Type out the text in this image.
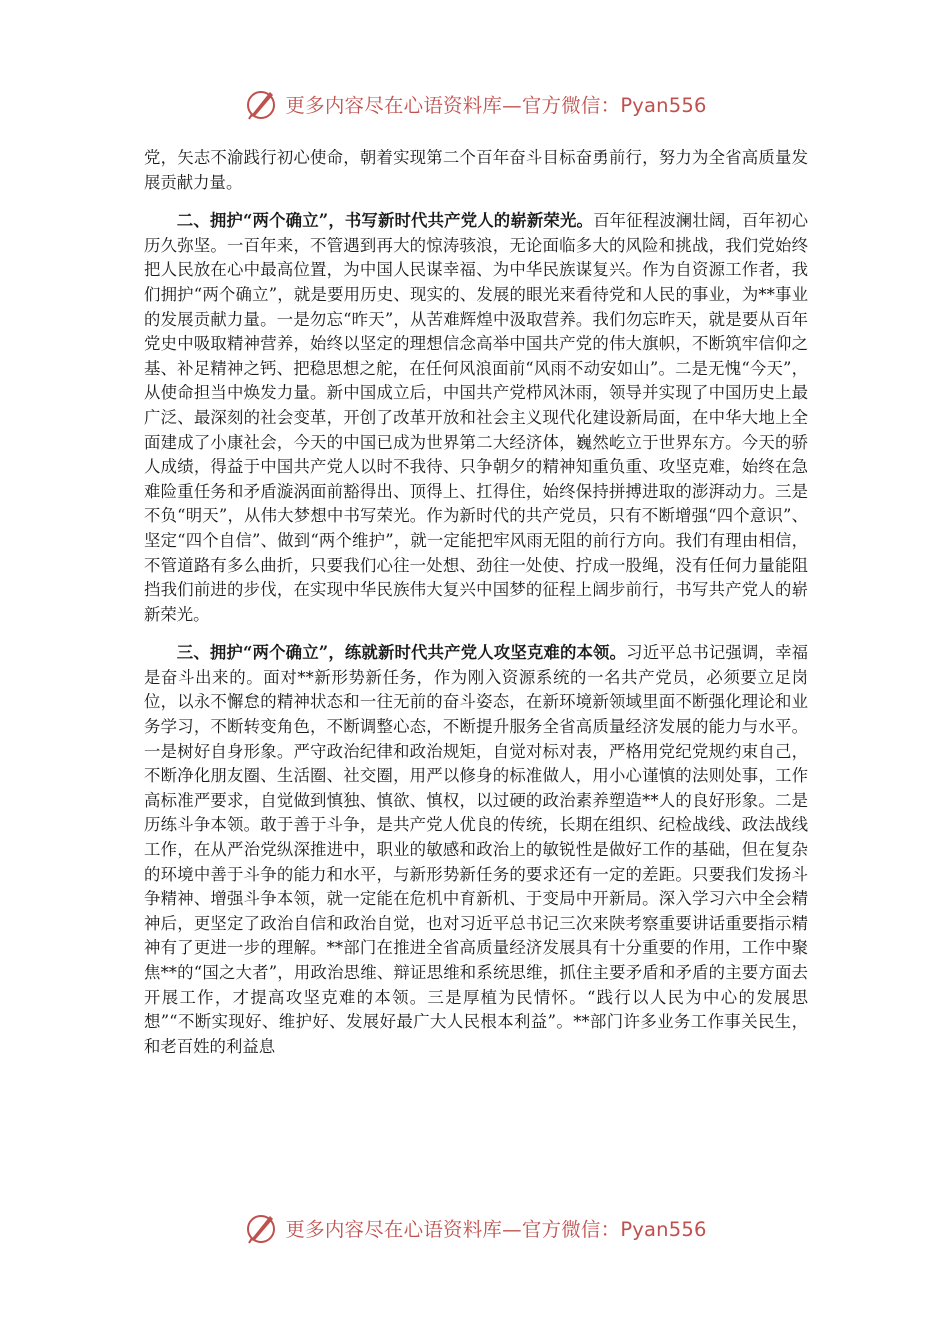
更多内容尽在心语资料库—官方微信：Pyan556

党，矢志不渝践行初心使命，朝着实现第二个百年奋斗目标奋勇前行，努力为全省高质量发展贡献力量。

二、拥护“两个确立”，书写新时代共产党人的崭新荣光。百年征程波澜壮阔，百年初心历久弥坚。一百年来，不管遇到再大的惊涛骇浪，无论面临多大的风险和挑战，我们党始终把人民放在心中最高位置，为中国人民谋幸福、为中华民族谋复兴。作为自资源工作者，我们拥护“两个确立”，就是要用历史、现实的、发展的眼光来看待党和人民的事业，为**事业的发展贡献力量。一是勿忘“昨天”，从苦难辉煌中汲取营养。我们勿忘昨天，就是要从百年党史中吸取精神营养，始终以坚定的理想信念高举中国共产党的伟大旗帜，不断筑牢信仰之基、补足精神之钙、把稳思想之舵，在任何风浪面前“风雨不动安如山”。二是无愧“今天”，从使命担当中焕发力量。新中国成立后，中国共产党栉风沐雨，领导并实现了中国历史上最广泛、最深刻的社会变革，开创了改革开放和社会主义现代化建设新局面，在中华大地上全面建成了小康社会，今天的中国已成为世界第二大经济体，巍然屹立于世界东方。今天的骄人成绩，得益于中国共产党人以时不我待、只争朝夕的精神知重负重、攻坚克难，始终在急难险重任务和矛盾漩涡面前豁得出、顶得上、扛得住，始终保持拼搏进取的澎湃动力。三是不负“明天”，从伟大梦想中书写荣光。作为新时代的共产党员，只有不断增强“四个意识”、坚定“四个自信”、做到“两个维护”，就一定能把牢风雨无阻的前行方向。我们有理由相信，不管道路有多么曲折，只要我们心往一处想、劲往一处使、拧成一股绳，没有任何力量能阻挡我们前进的步伐，在实现中华民族伟大复兴中国梦的征程上阔步前行，书写共产党人的崭新荣光。

三、拥护“两个确立”，练就新时代共产党人攻坚克难的本领。习近平总书记强调，幸福是奋斗出来的。面对**新形势新任务，作为刚入资源系统的一名共产党员，必须要立足岗位，以永不懈怠的精神状态和一往无前的奋斗姿态，在新环境新领域里面不断强化理论和业务学习，不断转变角色，不断调整心态，不断提升服务全省高质量经济发展的能力与水平。一是树好自身形象。严守政治纪律和政治规矩，自觉对标对表，严格用党纪党规约束自己，不断净化朋友圈、生活圈、社交圈，用严以修身的标准做人，用小心谨慎的法则处事，工作高标准严要求，自觉做到慎独、慎欲、慎权，以过硬的政治素养塑造**人的良好形象。二是历练斗争本领。敢于善于斗争，是共产党人优良的传统，长期在组织、纪检战线、政法战线工作，在从严治党纵深推进中，职业的敏感和政治上的敏锐性是做好工作的基础，但在复杂的环境中善于斗争的能力和水平，与新形势新任务的要求还有一定的差距。只要我们发扬斗争精神、增强斗争本领，就一定能在危机中育新机、于变局中开新局。深入学习六中全会精神后，更坚定了政治自信和政治自觉，也对习近平总书记三次来陕考察重要讲话重要指示精神有了更进一步的理解。**部门在推进全省高质量经济发展具有十分重要的作用，工作中聚焦**的“国之大者”，用政治思维、辩证思维和系统思维，抓住主要矛盾和矛盾的主要方面去开展工作，才提高攻坚克难的本领。三是厚植为民情怀。“践行以人民为中心的发展思想”“不断实现好、维护好、发展好最广大人民根本利益”。**部门许多业务工作事关民生，和老百姓的利益息

更多内容尽在心语资料库—官方微信：Pyan556
